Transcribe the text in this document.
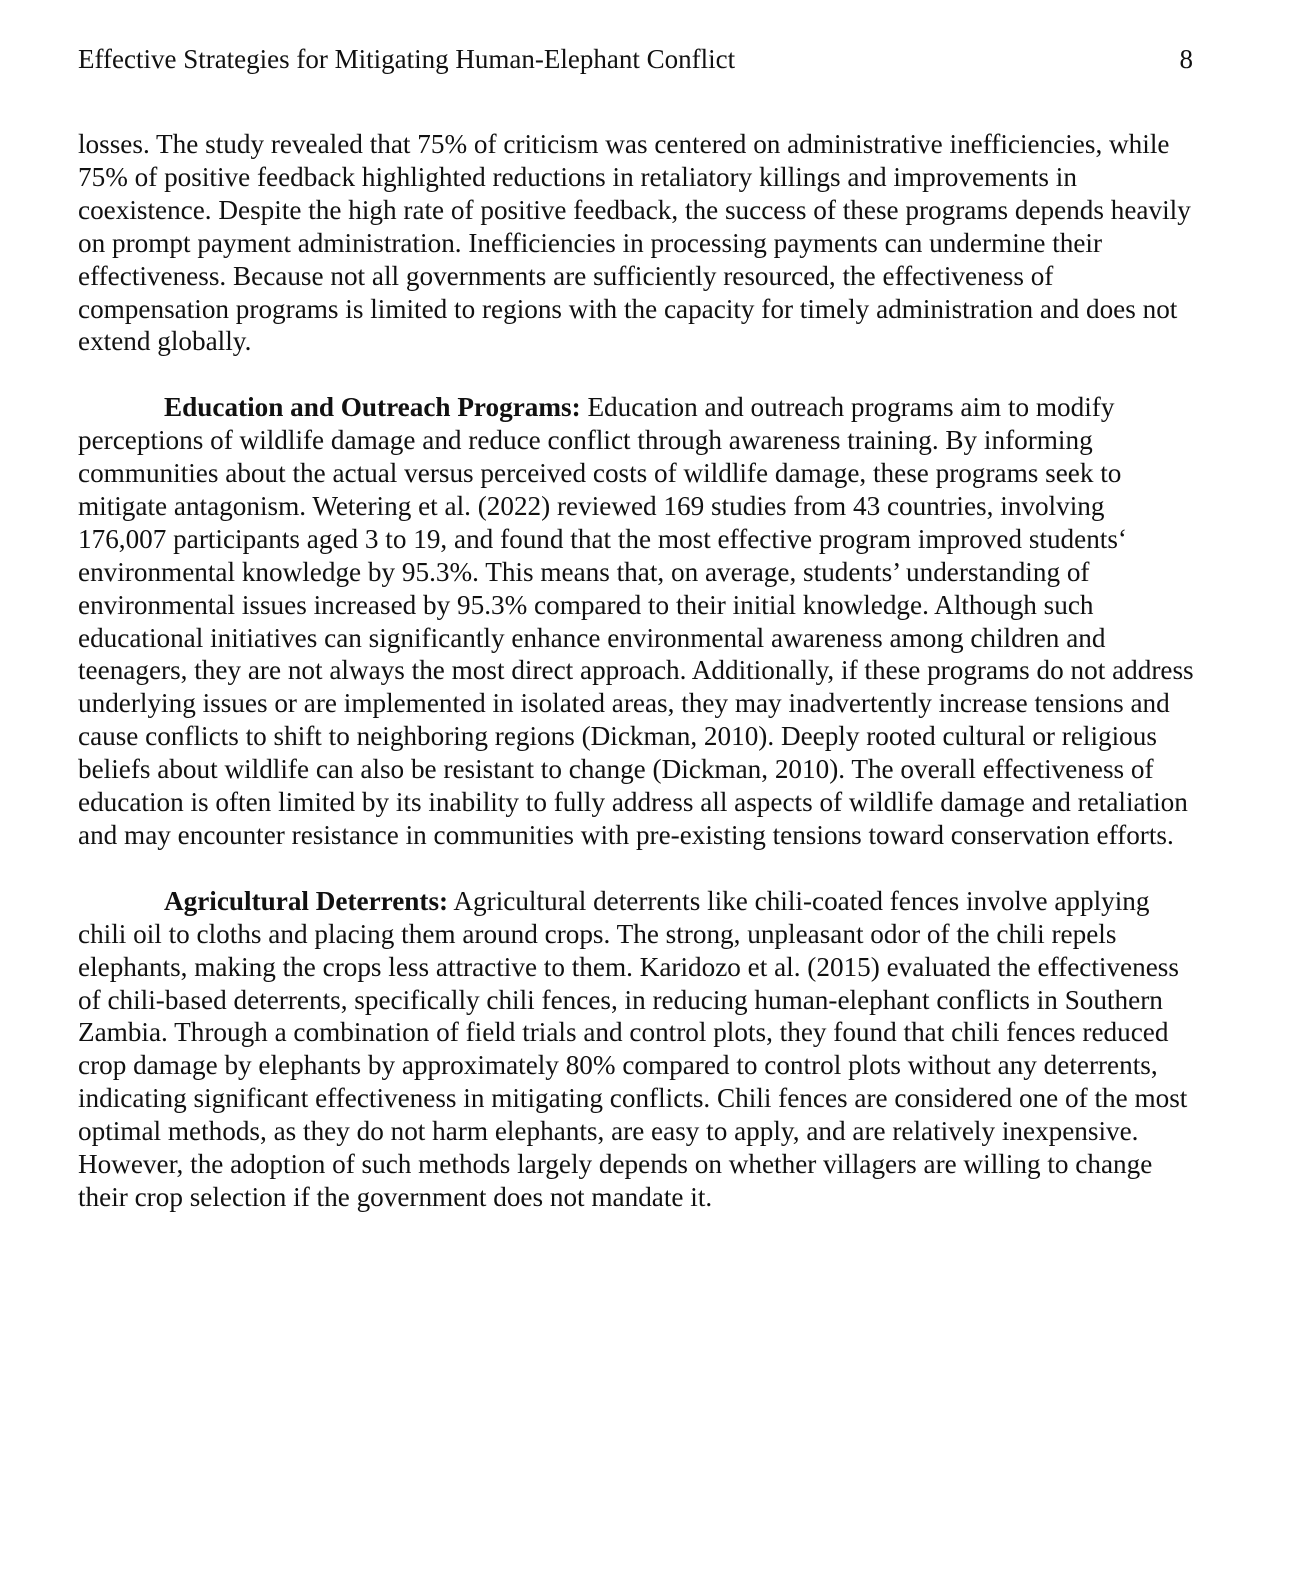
Effective Strategies for Mitigating Human-Elephant Conflict	8

losses. The study revealed that 75% of criticism was centered on administrative inefficiencies, while 75% of positive feedback highlighted reductions in retaliatory killings and improvements in coexistence. Despite the high rate of positive feedback, the success of these programs depends heavily on prompt payment administration. Inefficiencies in processing payments can undermine their effectiveness. Because not all governments are sufficiently resourced, the effectiveness of compensation programs is limited to regions with the capacity for timely administration and does not extend globally.

Education and Outreach Programs: Education and outreach programs aim to modify perceptions of wildlife damage and reduce conflict through awareness training. By informing communities about the actual versus perceived costs of wildlife damage, these programs seek to mitigate antagonism. Wetering et al. (2022) reviewed 169 studies from 43 countries, involving 176,007 participants aged 3 to 19, and found that the most effective program improved students‘ environmental knowledge by 95.3%. This means that, on average, students’ understanding of environmental issues increased by 95.3% compared to their initial knowledge. Although such educational initiatives can significantly enhance environmental awareness among children and teenagers, they are not always the most direct approach. Additionally, if these programs do not address underlying issues or are implemented in isolated areas, they may inadvertently increase tensions and cause conflicts to shift to neighboring regions (Dickman, 2010). Deeply rooted cultural or religious beliefs about wildlife can also be resistant to change (Dickman, 2010). The overall effectiveness of education is often limited by its inability to fully address all aspects of wildlife damage and retaliation and may encounter resistance in communities with pre-existing tensions toward conservation efforts.

Agricultural Deterrents: Agricultural deterrents like chili-coated fences involve applying chili oil to cloths and placing them around crops. The strong, unpleasant odor of the chili repels elephants, making the crops less attractive to them. Karidozo et al. (2015) evaluated the effectiveness of chili-based deterrents, specifically chili fences, in reducing human-elephant conflicts in Southern Zambia. Through a combination of field trials and control plots, they found that chili fences reduced crop damage by elephants by approximately 80% compared to control plots without any deterrents, indicating significant effectiveness in mitigating conflicts. Chili fences are considered one of the most optimal methods, as they do not harm elephants, are easy to apply, and are relatively inexpensive. However, the adoption of such methods largely depends on whether villagers are willing to change their crop selection if the government does not mandate it.
